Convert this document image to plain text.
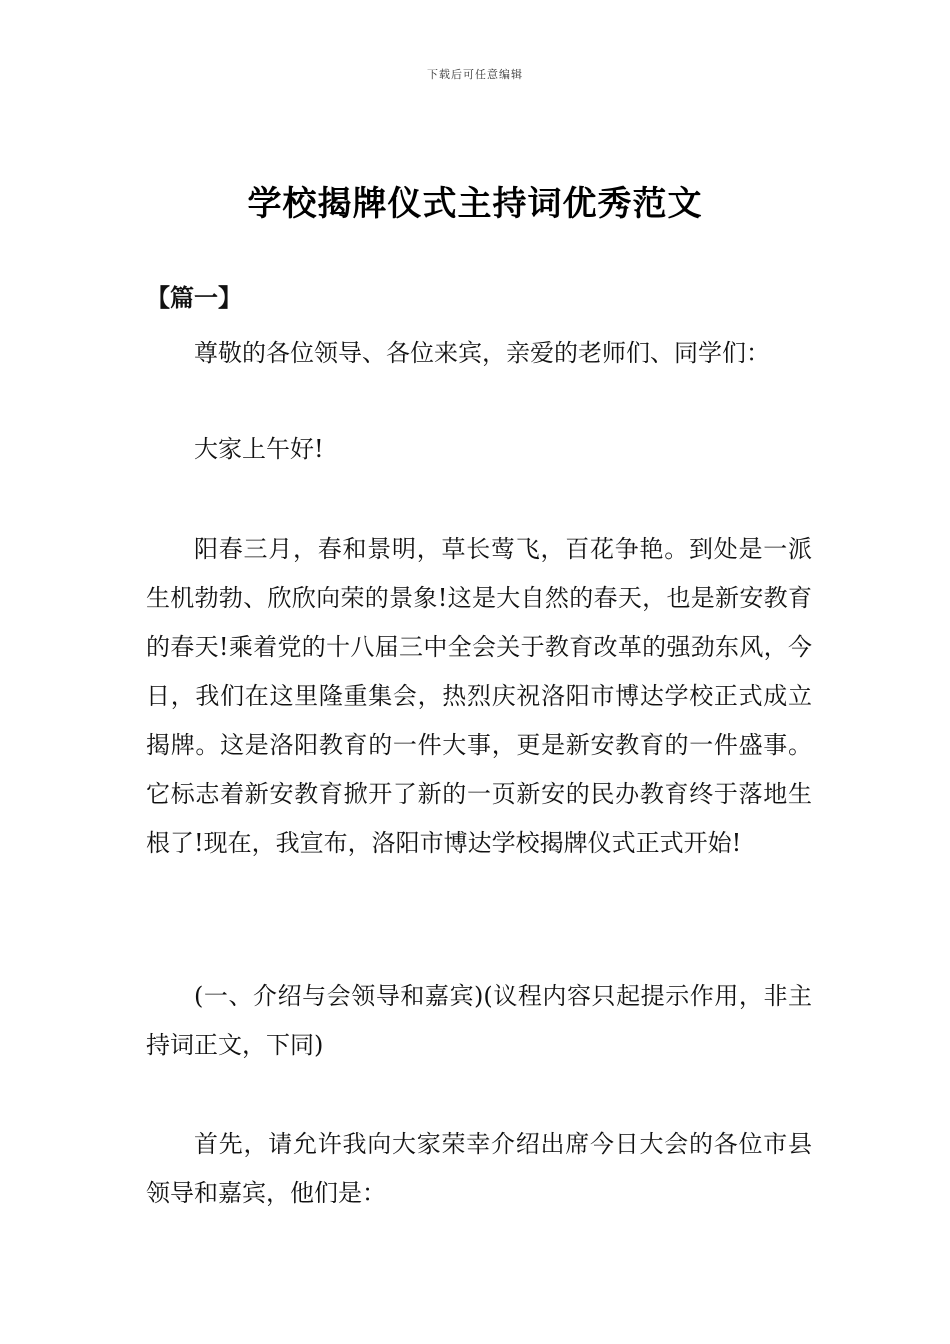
下载后可任意编辑
学校揭牌仪式主持词优秀范文
【篇一】

尊敬的各位领导、各位来宾，亲爱的老师们、同学们：

大家上午好!

阳春三月，春和景明，草长莺飞，百花争艳。到处是一派生机勃勃、欣欣向荣的景象!这是大自然的春天，也是新安教育的春天!乘着党的十八届三中全会关于教育改革的强劲东风，今日，我们在这里隆重集会，热烈庆祝洛阳市博达学校正式成立揭牌。这是洛阳教育的一件大事，更是新安教育的一件盛事。它标志着新安教育掀开了新的一页新安的民办教育终于落地生根了!现在，我宣布，洛阳市博达学校揭牌仪式正式开始!

(一、介绍与会领导和嘉宾)(议程内容只起提示作用，非主持词正文，下同)

首先，请允许我向大家荣幸介绍出席今日大会的各位市县领导和嘉宾，他们是：
